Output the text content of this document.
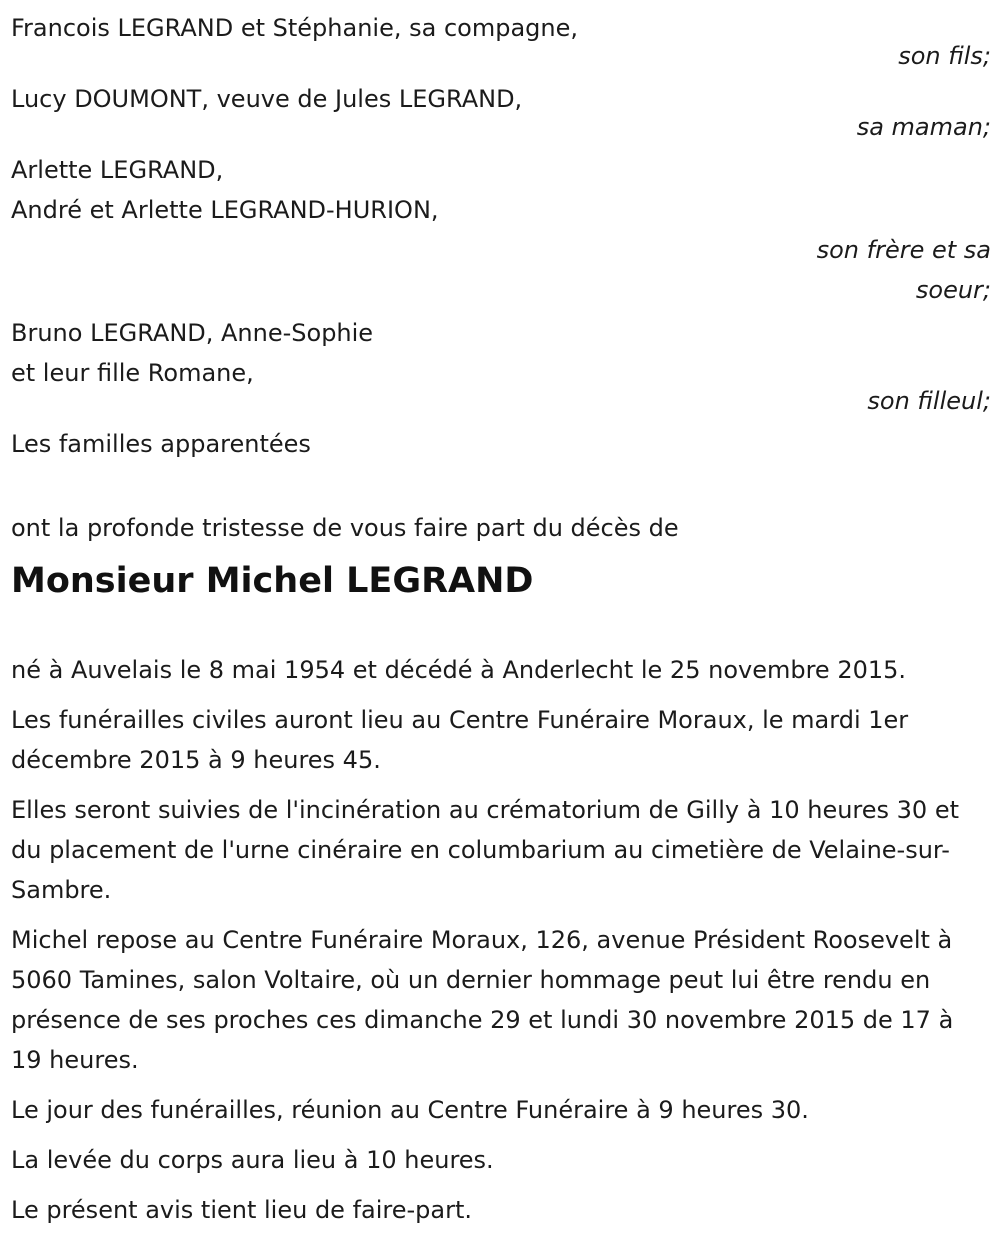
Francois LEGRAND et Stéphanie, sa compagne,
son fils;
Lucy DOUMONT, veuve de Jules LEGRAND,
sa maman;
Arlette LEGRAND,
André et Arlette LEGRAND-HURION,
son frère et sa soeur;
Bruno LEGRAND, Anne-Sophie
et leur fille Romane,
son filleul;
Les familles apparentées
ont la profonde tristesse de vous faire part du décès de
Monsieur Michel LEGRAND
né à Auvelais le 8 mai 1954 et décédé à Anderlecht le 25 novembre 2015.
Les funérailles civiles auront lieu au Centre Funéraire Moraux, le mardi 1er décembre 2015 à 9 heures 45.
Elles seront suivies de l'incinération au crématorium de Gilly à 10 heures 30 et du placement de l'urne cinéraire en columbarium au cimetière de Velaine-sur-Sambre.
Michel repose au Centre Funéraire Moraux, 126, avenue Président Roosevelt à 5060 Tamines, salon Voltaire, où un dernier hommage peut lui être rendu en présence de ses proches ces dimanche 29 et lundi 30 novembre 2015 de 17 à 19 heures.
Le jour des funérailles, réunion au Centre Funéraire à 9 heures 30.
La levée du corps aura lieu à 10 heures.
Le présent avis tient lieu de faire-part.
